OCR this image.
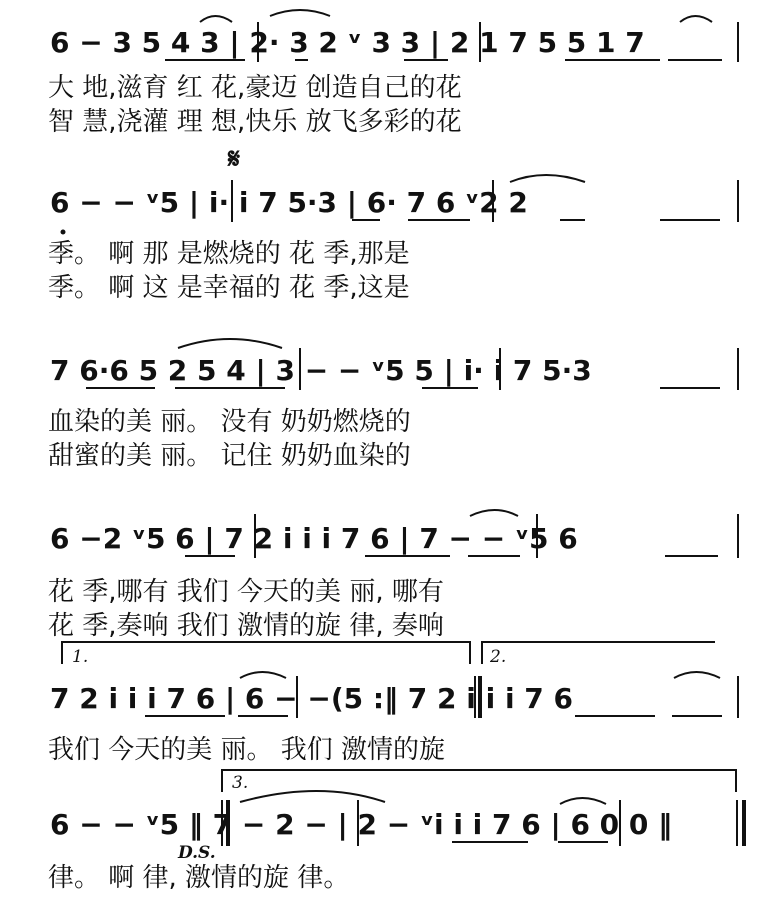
6 − 3 5 4 3 | 2· 3 2 ᵛ 3 3 | 2 1 7 5 5 1 7
大 地,滋育 红 花,豪迈 创造自己的花
智 慧,浇灌 理 想,快乐 放飞多彩的花
𝄋
6 − − ᵛ5 | i· i 7 5·3 | 6· 7 6 ᵛ2 2
季。 啊 那 是燃烧的 花 季,那是
季。 啊 这 是幸福的 花 季,这是
7 6·6 5 2 5 4 | 3 − − ᵛ5 5 | i· i 7 5·3
血染的美 丽。 没有 奶奶燃烧的
甜蜜的美 丽。 记住 奶奶血染的
6 −2 ᵛ5 6 | 7 2 i i i 7 6 | 7 − − ᵛ5 6
花 季,哪有 我们 今天的美 丽, 哪有
花 季,奏响 我们 激情的旋 律, 奏响
1.	2.
7 2 i i i 7 6 | 6 − −(5 :‖ 7 2 i i i 7 6
我们 今天的美 丽。 我们 激情的旋
3.
6 − − ᵛ5 ‖ 7 − 2 − | 2 − ᵛi i i 7 6 | 6 0 0 ‖
D.S.
律。 啊 律, 激情的旋 律。
